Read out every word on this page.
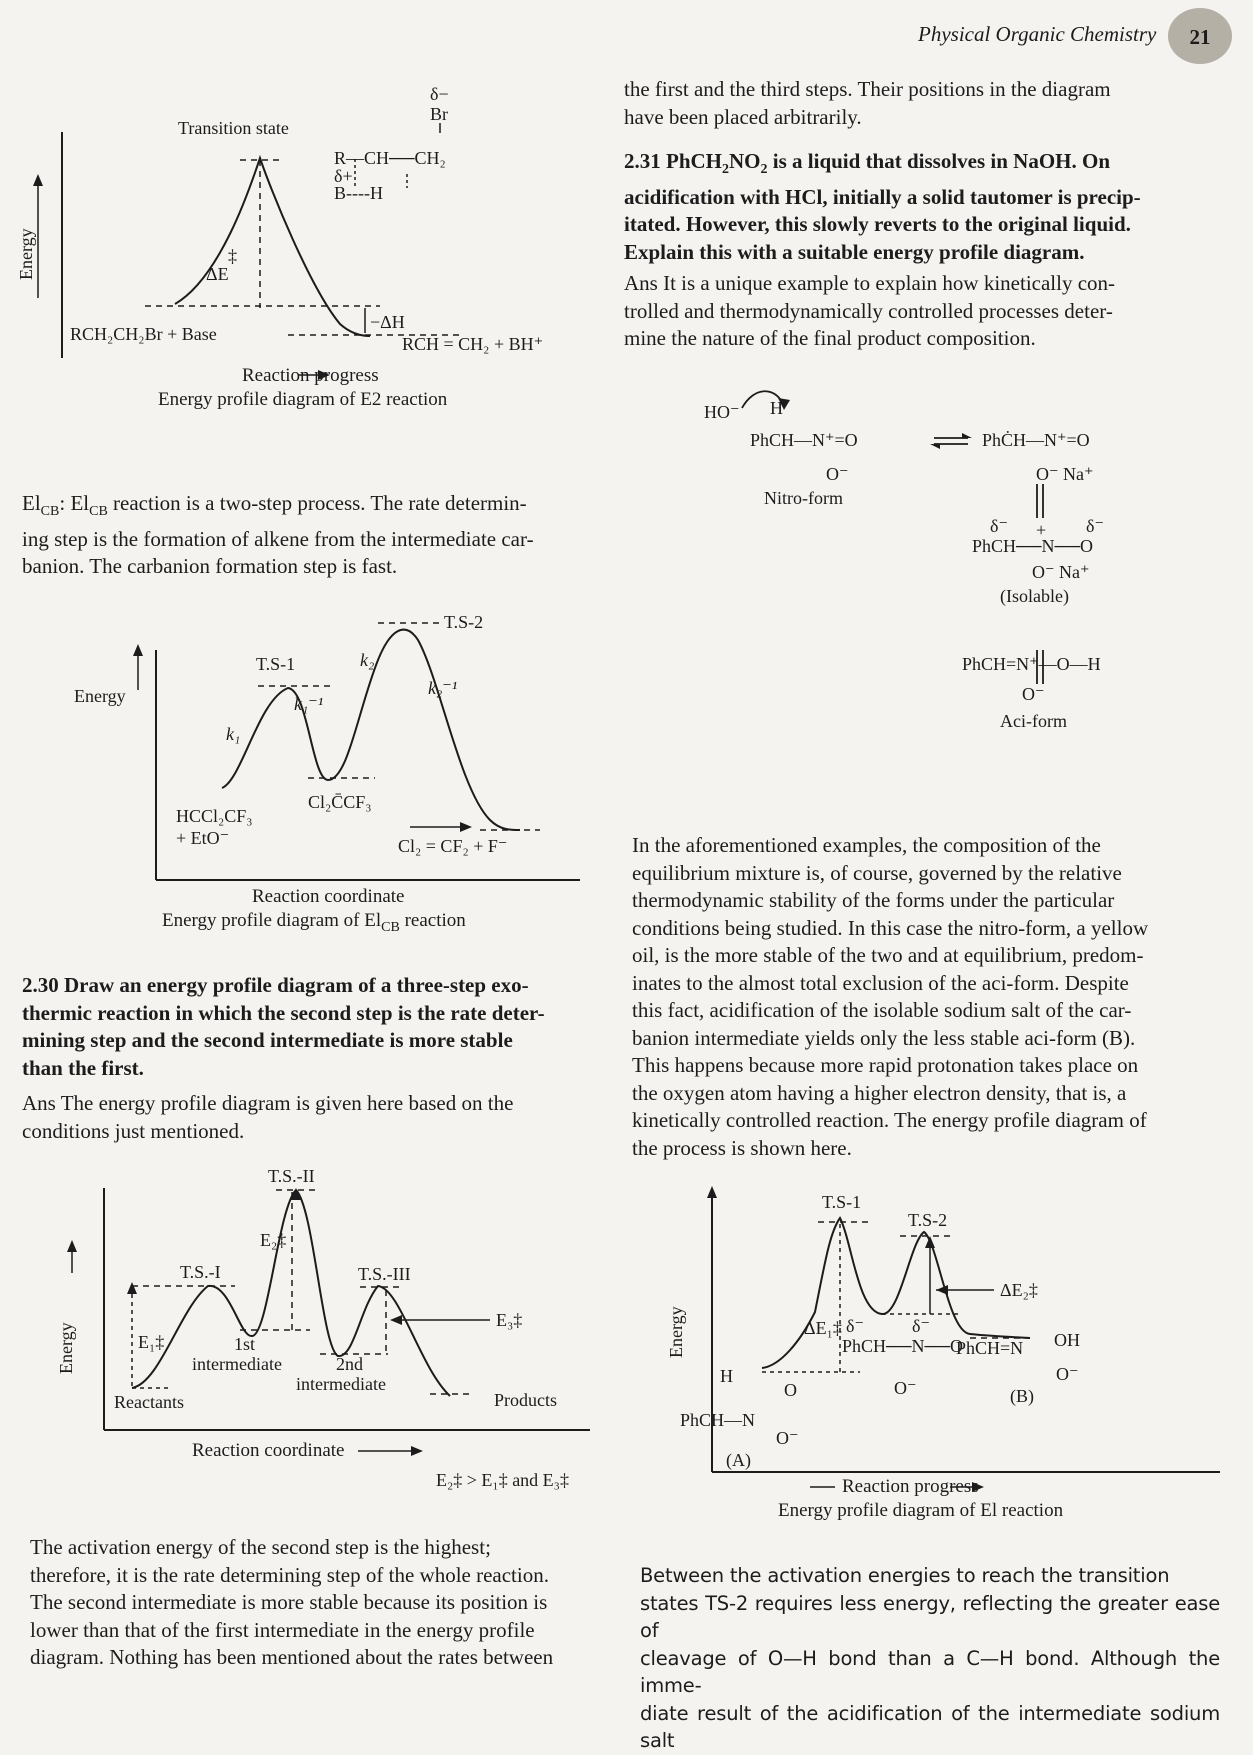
Physical Organic Chemistry	21
Energy
Transition state
ΔE
‡
−ΔH
RCH₂CH₂Br + Base	RCH = CH₂ + BH⁺
δ−
Br
R—CH──CH₂
δ+
B----H
Reaction progress
Energy profile diagram of E2 reaction
$El_{CB}$: $El_{CB}$ reaction is a two-step process. The rate determin-
ing step is the formation of alkene from the intermediate car-
banion. The carbanion formation step is fast.
Energy
T.S-1
T.S-2
k₁
k₁⁻¹
k₂
k₂⁻¹
HCCl₂CF₃
+ EtO⁻
Cl₂C̄CF₃
Cl₂ = CF₂ + F⁻
Reaction coordinate
Energy profile diagram of $El_{CB}$ reaction
2.30 Draw an energy profile diagram of a three-step exo-
thermic reaction in which the second step is the rate deter-
mining step and the second intermediate is more stable
than the first.
Ans The energy profile diagram is given here based on the
conditions just mentioned.
Energy
T.S.-I
T.S.-II
T.S.-III
E₁‡
E₂‡
E₃‡
Reactants
1st
intermediate	2nd
intermediate
Products
Reaction coordinate
E₂‡ > E₁‡ and E₃‡
The activation energy of the second step is the highest;
therefore, it is the rate determining step of the whole reaction.
The second intermediate is more stable because its position is
lower than that of the first intermediate in the energy profile
diagram. Nothing has been mentioned about the rates between
the first and the third steps. Their positions in the diagram
have been placed arbitrarily.
2.31 $PhCH_2NO_2$ is a liquid that dissolves in NaOH. On
acidification with HCl, initially a solid tautomer is precip-
itated. However, this slowly reverts to the original liquid.
Explain this with a suitable energy profile diagram.
Ans It is a unique example to explain how kinetically con-
trolled and thermodynamically controlled processes deter-
mine the nature of the final product composition.
HO⁻ H
PhCH—N⁺=O
O⁻
Nitro-form
PhĊH—N⁺=O
O⁻ Na⁺
δ⁻ + δ⁻
PhCH──N──O
O⁻ Na⁺
(Isolable)
PhCH=N⁺—O—H
O⁻
Aci-form
In the aforementioned examples, the composition of the
equilibrium mixture is, of course, governed by the relative
thermodynamic stability of the forms under the particular
conditions being studied. In this case the nitro-form, a yellow
oil, is the more stable of the two and at equilibrium, predom-
inates to the almost total exclusion of the aci-form. Despite
this fact, acidification of the isolable sodium salt of the car-
banion intermediate yields only the less stable aci-form (B).
This happens because more rapid protonation takes place on
the oxygen atom having a higher electron density, that is, a
kinetically controlled reaction. The energy profile diagram of
the process is shown here.
Energy
T.S-1
T.S-2
ΔE₁‡
ΔE₂‡
δ⁻
PhCH──N──O
δ⁻
O⁻
H
PhCH—N
O
O⁻
(A)
PhCH=N OH
O⁻
(B)
Reaction progress
Energy profile diagram of El reaction
Between the activation energies to reach the transition
states TS-2 requires less energy, reflecting the greater ease of
cleavage of O—H bond than a C—H bond. Although the imme-
diate result of the acidification of the intermediate sodium salt
